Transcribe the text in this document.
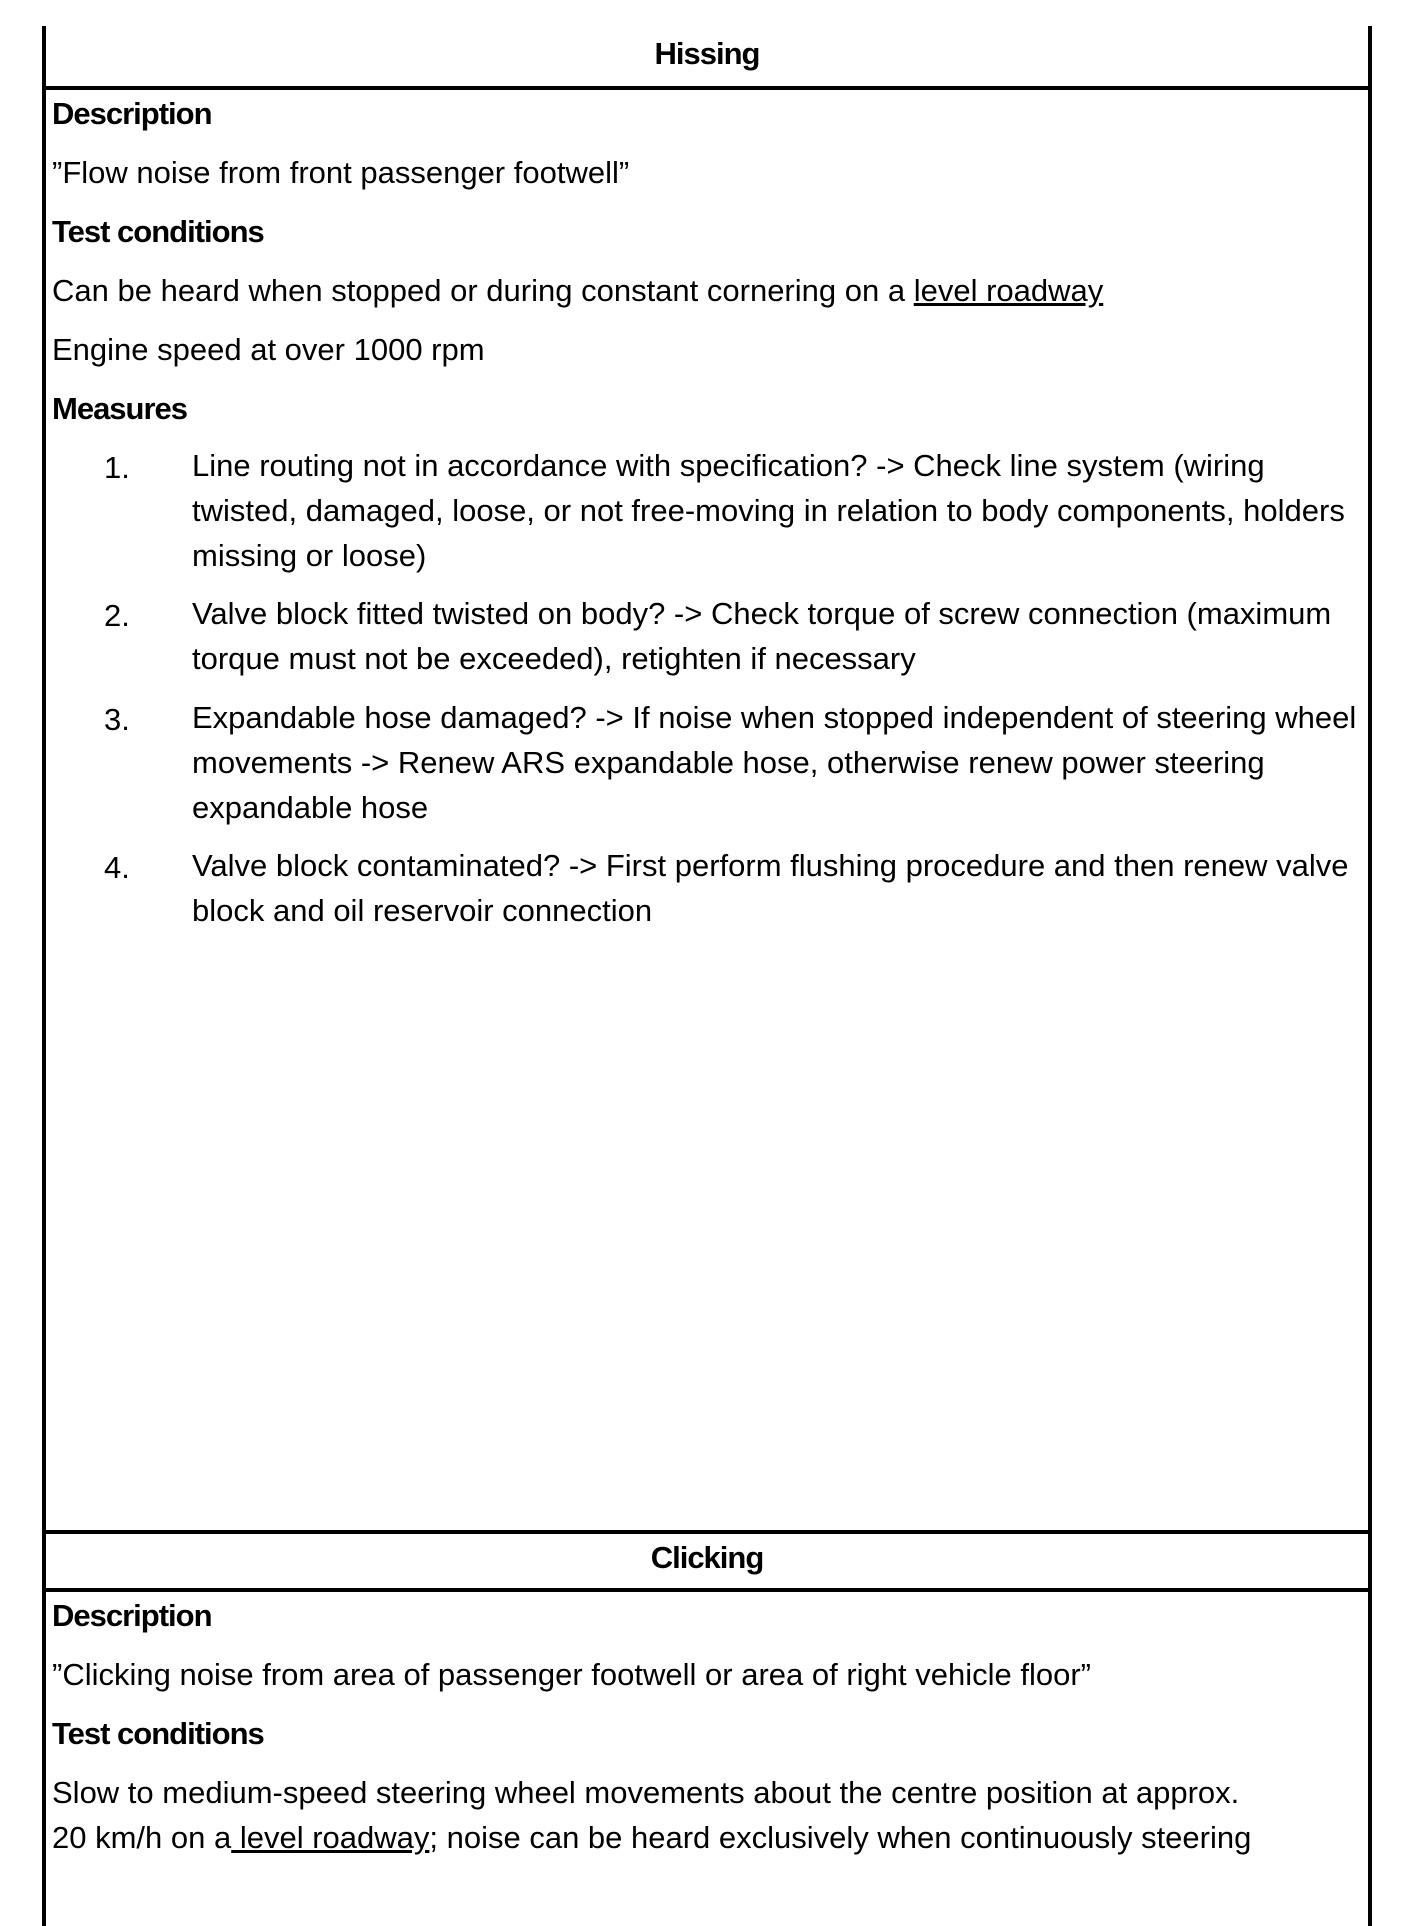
Hissing
Description
”Flow noise from front passenger footwell”
Test conditions
Can be heard when stopped or during constant cornering on a level roadway
Engine speed at over 1000 rpm
Measures
1. Line routing not in accordance with specification? -> Check line system (wiring twisted, damaged, loose, or not free-moving in relation to body components, holders missing or loose)
2. Valve block fitted twisted on body? -> Check torque of screw connection (maximum torque must not be exceeded), retighten if necessary
3. Expandable hose damaged? -> If noise when stopped independent of steering wheel movements -> Renew ARS expandable hose, otherwise renew power steering expandable hose
4. Valve block contaminated? -> First perform flushing procedure and then renew valve block and oil reservoir connection
Clicking
Description
”Clicking noise from area of passenger footwell or area of right vehicle floor”
Test conditions
Slow to medium-speed steering wheel movements about the centre position at approx.
20 km/h on a level roadway; noise can be heard exclusively when continuously steering
